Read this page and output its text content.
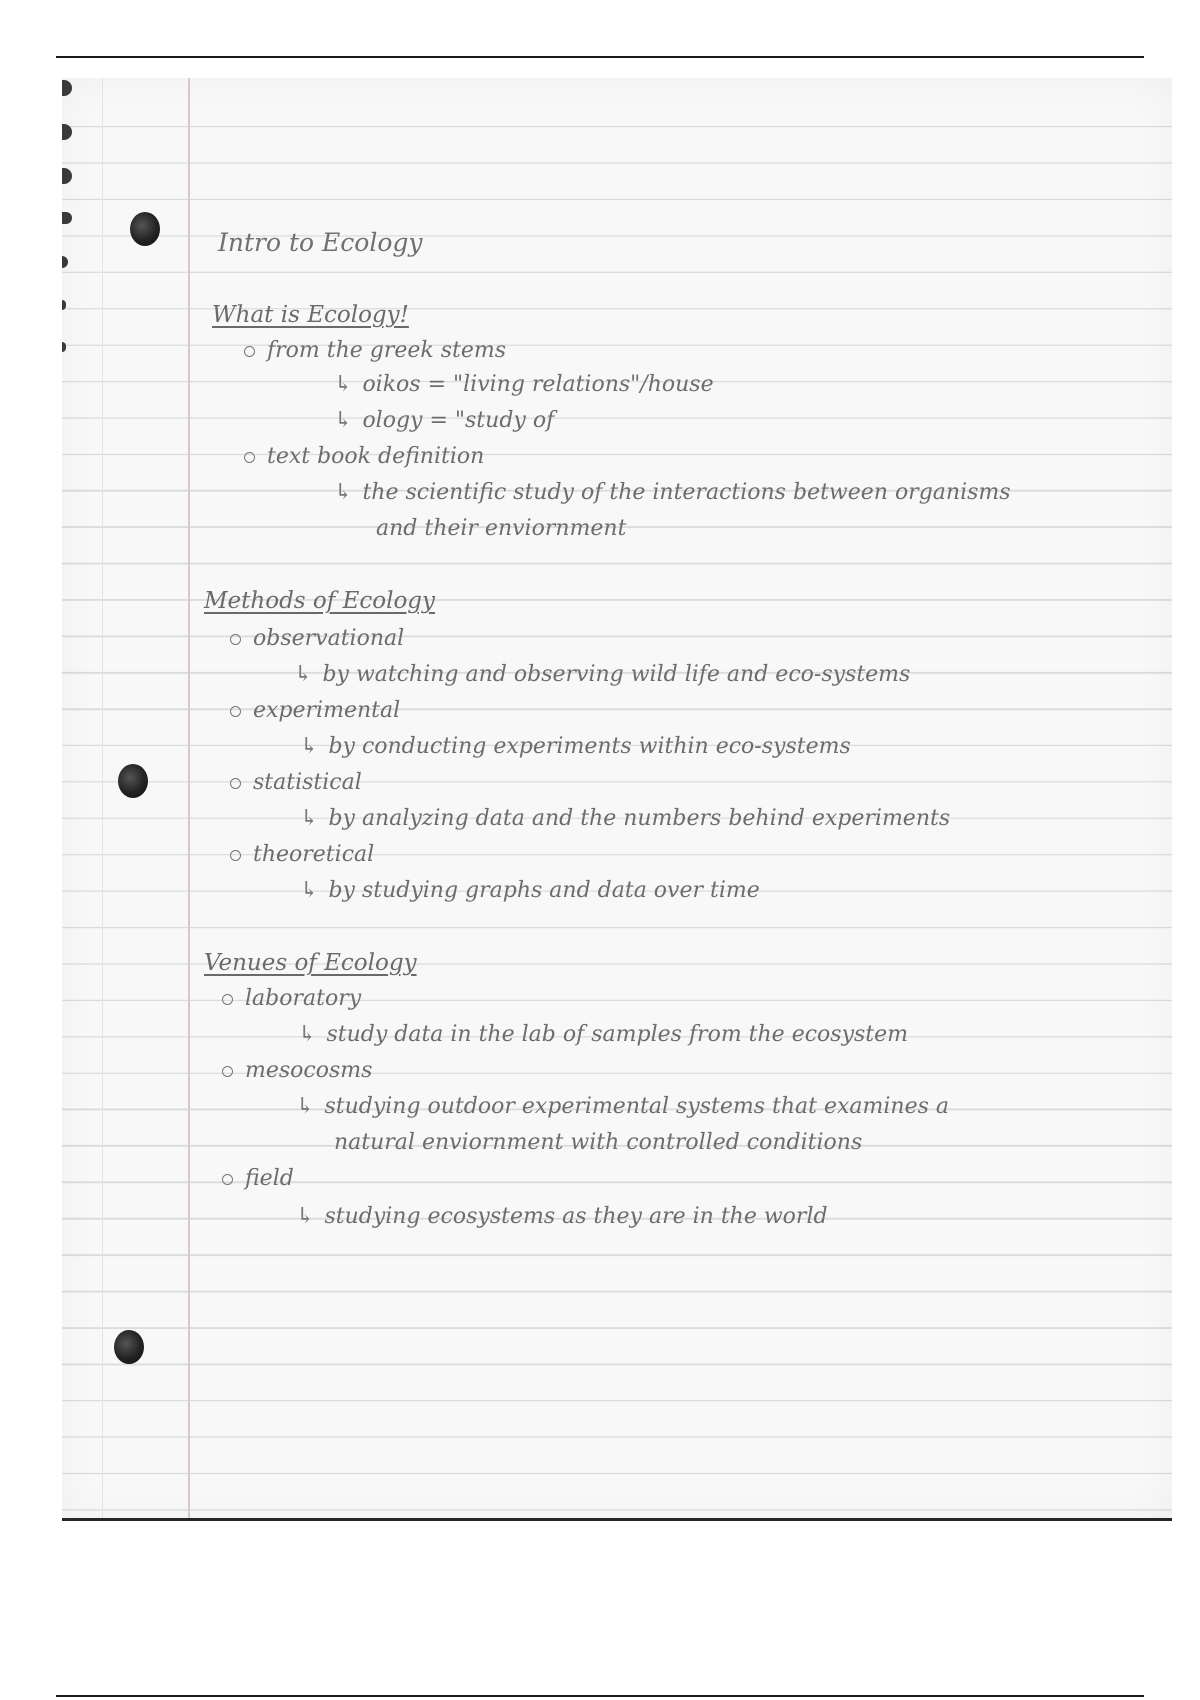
Intro to Ecology
What is Ecology!
from the greek stems
↳ oikos = "living relations"/house
↳ ology = "study of
text book definition
↳ the scientific study of the interactions between organisms
and their enviornment
Methods of Ecology
observational
↳ by watching and observing wild life and eco-systems
experimental
↳ by conducting experiments within eco-systems
statistical
↳ by analyzing data and the numbers behind experiments
theoretical
↳ by studying graphs and data over time
Venues of Ecology
laboratory
↳ study data in the lab of samples from the ecosystem
mesocosms
↳ studying outdoor experimental systems that examines a
natural enviornment with controlled conditions
field
↳ studying ecosystems as they are in the world
